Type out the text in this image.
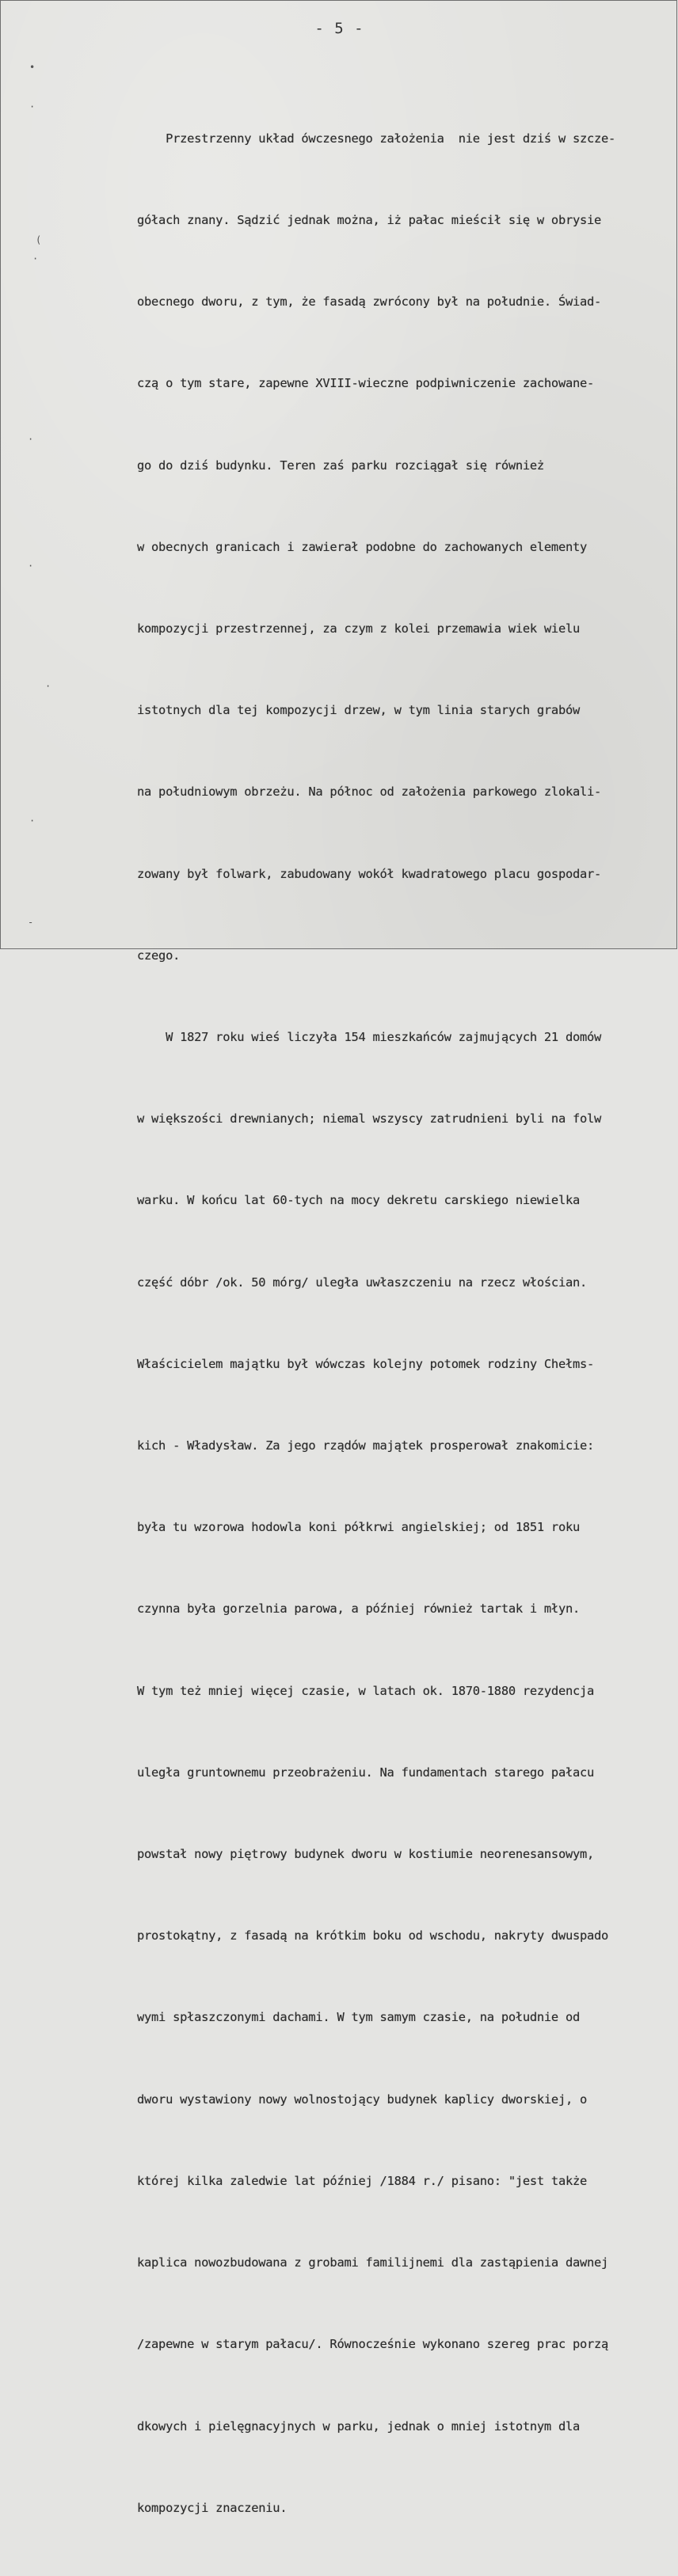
- 5 -
•
·
(
·
·
·
·
·
-

Przestrzenny układ ówczesnego założenia  nie jest dziś w szcze-

gółach znany. Sądzić jednak można, iż pałac mieścił się w obrysie

obecnego dworu, z tym, że fasadą zwrócony był na południe. Świad-

czą o tym stare, zapewne XVIII-wieczne podpiwniczenie zachowane-

go do dziś budynku. Teren zaś parku rozciągał się również

w obecnych granicach i zawierał podobne do zachowanych elementy

kompozycji przestrzennej, za czym z kolei przemawia wiek wielu

istotnych dla tej kompozycji drzew, w tym linia starych grabów

na południowym obrzeżu. Na północ od założenia parkowego zlokali-

zowany był folwark, zabudowany wokół kwadratowego placu gospodar-

czego.

W 1827 roku wieś liczyła 154 mieszkańców zajmujących 21 domów

w większości drewnianych; niemal wszyscy zatrudnieni byli na folw

warku. W końcu lat 60-tych na mocy dekretu carskiego niewielka

część dóbr /ok. 50 mórg/ uległa uwłaszczeniu na rzecz włościan.

Właścicielem majątku był wówczas kolejny potomek rodziny Chełms-

kich - Władysław. Za jego rządów majątek prosperował znakomicie:

była tu wzorowa hodowla koni półkrwi angielskiej; od 1851 roku

czynna była gorzelnia parowa, a później również tartak i młyn.

W tym też mniej więcej czasie, w latach ok. 1870-1880 rezydencja

uległa gruntownemu przeobrażeniu. Na fundamentach starego pałacu

powstał nowy piętrowy budynek dworu w kostiumie neorenesansowym,

prostokątny, z fasadą na krótkim boku od wschodu, nakryty dwuspado

wymi spłaszczonymi dachami. W tym samym czasie, na południe od

dworu wystawiony nowy wolnostojący budynek kaplicy dworskiej, o

której kilka zaledwie lat później /1884 r./ pisano: "jest także

kaplica nowozbudowana z grobami familijnemi dla zastąpienia dawnej

/zapewne w starym pałacu/. Równocześnie wykonano szereg prac porzą

dkowych i pielęgnacyjnych w parku, jednak o mniej istotnym dla

kompozycji znaczeniu.
